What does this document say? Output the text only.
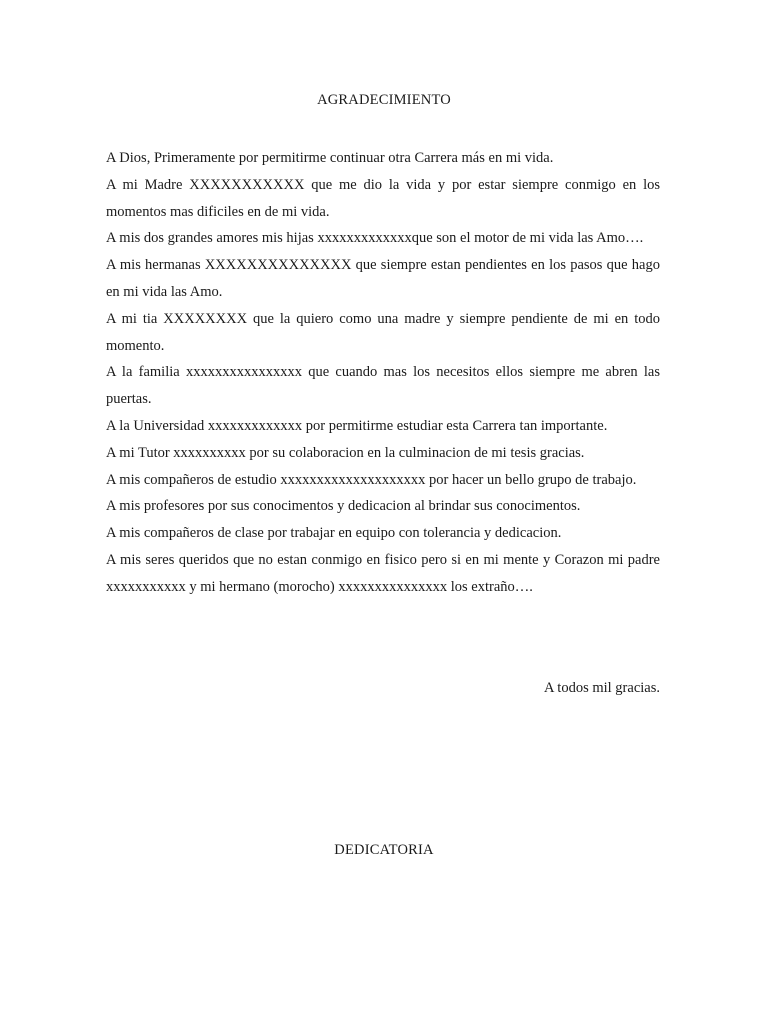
AGRADECIMIENTO

A Dios, Primeramente por permitirme continuar otra Carrera más en mi vida.

A mi Madre XXXXXXXXXXX que me dio la vida y por estar siempre conmigo en los momentos mas dificiles en de mi vida.

A mis dos grandes amores mis hijas xxxxxxxxxxxxxque son el motor de mi vida las Amo….

A mis hermanas XXXXXXXXXXXXXX que siempre estan pendientes en los pasos que hago en mi vida las Amo.

A mi tia XXXXXXXX que la quiero como una madre y siempre pendiente de mi en todo momento.

A la familia xxxxxxxxxxxxxxxx que cuando mas los necesitos ellos siempre me abren las puertas.

A la Universidad xxxxxxxxxxxxx por permitirme estudiar esta Carrera tan importante.

A mi Tutor xxxxxxxxxx por su colaboracion en la culminacion de mi tesis gracias.

A mis compañeros de estudio xxxxxxxxxxxxxxxxxxxx por hacer un bello grupo de trabajo.

A mis profesores por sus conocimentos y dedicacion al brindar sus conocimentos.

A mis compañeros de clase por trabajar en equipo con tolerancia y dedicacion.

A mis seres queridos que no estan conmigo en fisico pero si en mi mente y Corazon mi padre xxxxxxxxxxx y mi hermano (morocho) xxxxxxxxxxxxxxx los extraño….

A todos mil gracias.
DEDICATORIA
